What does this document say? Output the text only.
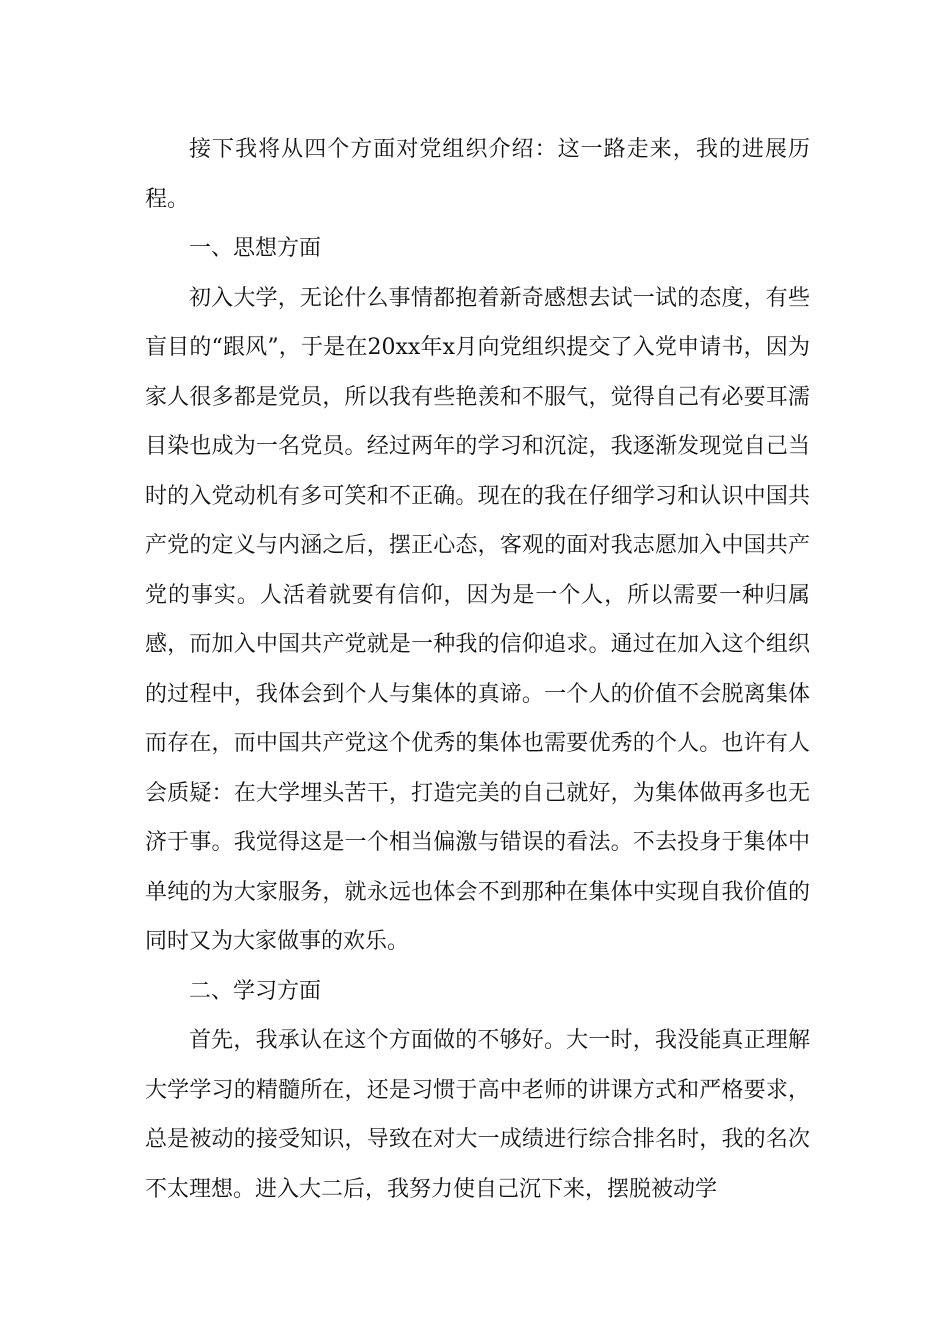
接下我将从四个方面对党组织介绍：这一路走来，我的进展历程。

一、思想方面

初入大学，无论什么事情都抱着新奇感想去试一试的态度，有些盲目的“跟风”，于是在20xx年x月向党组织提交了入党申请书，因为家人很多都是党员，所以我有些艳羡和不服气，觉得自己有必要耳濡目染也成为一名党员。经过两年的学习和沉淀，我逐渐发现觉自己当时的入党动机有多可笑和不正确。现在的我在仔细学习和认识中国共产党的定义与内涵之后，摆正心态，客观的面对我志愿加入中国共产党的事实。人活着就要有信仰，因为是一个人，所以需要一种归属感，而加入中国共产党就是一种我的信仰追求。通过在加入这个组织的过程中，我体会到个人与集体的真谛。一个人的价值不会脱离集体而存在，而中国共产党这个优秀的集体也需要优秀的个人。也许有人会质疑：在大学埋头苦干，打造完美的自己就好，为集体做再多也无济于事。我觉得这是一个相当偏激与错误的看法。不去投身于集体中单纯的为大家服务，就永远也体会不到那种在集体中实现自我价值的同时又为大家做事的欢乐。

二、学习方面

首先，我承认在这个方面做的不够好。大一时，我没能真正理解大学学习的精髓所在，还是习惯于高中老师的讲课方式和严格要求，总是被动的接受知识，导致在对大一成绩进行综合排名时，我的名次不太理想。进入大二后，我努力使自己沉下来，摆脱被动学
